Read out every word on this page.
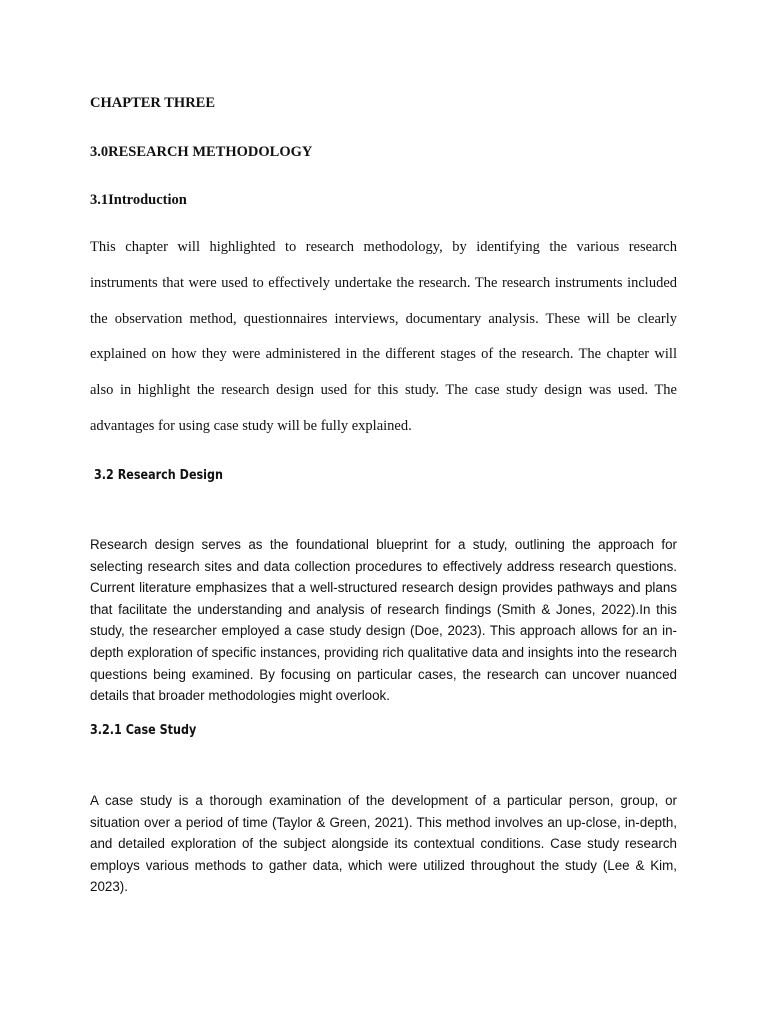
CHAPTER THREE
3.0RESEARCH METHODOLOGY
3.1Introduction

This chapter will highlighted to research methodology, by identifying the various research instruments that were used to effectively undertake the research. The research instruments included the observation method, questionnaires interviews, documentary analysis. These will be clearly explained on how they were administered in the different stages of the research. The chapter will also in highlight the research design used for this study. The case study design was used. The advantages for using case study will be fully explained.

3.2 Research Design

Research design serves as the foundational blueprint for a study, outlining the approach for selecting research sites and data collection procedures to effectively address research questions. Current literature emphasizes that a well-structured research design provides pathways and plans that facilitate the understanding and analysis of research findings (Smith & Jones, 2022).In this study, the researcher employed a case study design (Doe, 2023). This approach allows for an in-depth exploration of specific instances, providing rich qualitative data and insights into the research questions being examined. By focusing on particular cases, the research can uncover nuanced details that broader methodologies might overlook.

3.2.1 Case Study

A case study is a thorough examination of the development of a particular person, group, or situation over a period of time (Taylor & Green, 2021). This method involves an up-close, in-depth, and detailed exploration of the subject alongside its contextual conditions. Case study research employs various methods to gather data, which were utilized throughout the study (Lee & Kim, 2023).
